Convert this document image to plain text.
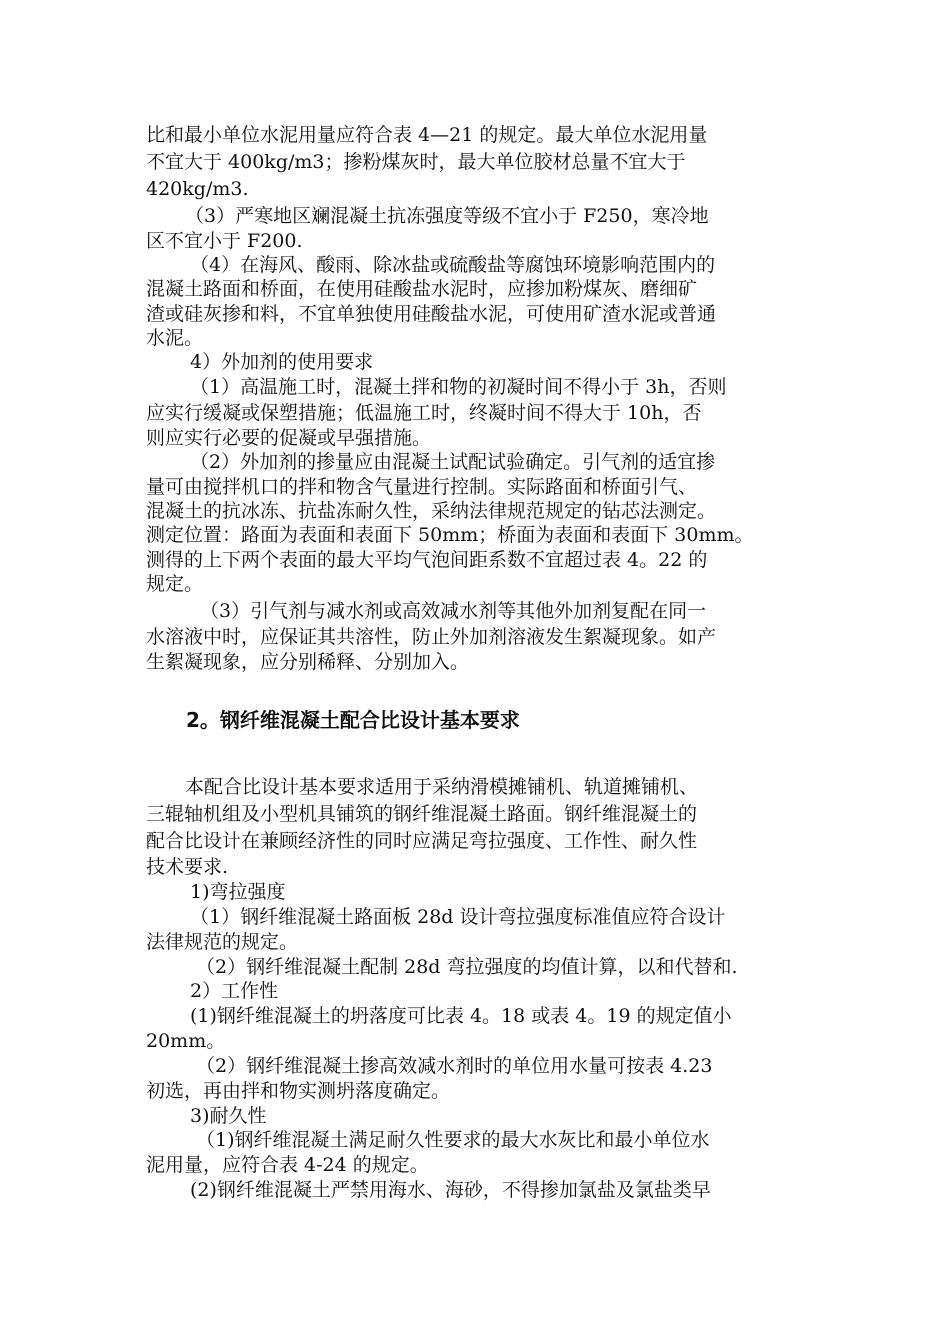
比和最小单位水泥用量应符合表 4—21 的规定。最大单位水泥用量
不宜大于 400kg/m3；掺粉煤灰时，最大单位胶材总量不宜大于
420kg/m3.
（3）严寒地区斓混凝土抗冻强度等级不宜小于 F250，寒冷地
区不宜小于 F200.
（4）在海风、酸雨、除冰盐或硫酸盐等腐蚀环境影响范围内的
混凝土路面和桥面，在使用硅酸盐水泥时，应掺加粉煤灰、磨细矿
渣或硅灰掺和料，不宜单独使用硅酸盐水泥，可使用矿渣水泥或普通
水泥。
4）外加剂的使用要求
（1）高温施工时，混凝土拌和物的初凝时间不得小于 3h，否则
应实行缓凝或保塑措施；低温施工时，终凝时间不得大于 10h，否
则应实行必要的促凝或早强措施。
（2）外加剂的掺量应由混凝土试配试验确定。引气剂的适宜掺
量可由搅拌机口的拌和物含气量进行控制。实际路面和桥面引气、
混凝土的抗冰冻、抗盐冻耐久性，采纳法律规范规定的钻芯法测定。
测定位置：路面为表面和表面下 50mm；桥面为表面和表面下 30mm。
测得的上下两个表面的最大平均气泡间距系数不宜超过表 4。22 的
规定。
（3）引气剂与减水剂或高效减水剂等其他外加剂复配在同一
水溶液中时，应保证其共溶性，防止外加剂溶液发生絮凝现象。如产
生絮凝现象，应分别稀释、分别加入。
2。钢纤维混凝土配合比设计基本要求
本配合比设计基本要求适用于采纳滑模摊铺机、轨道摊铺机、
三辊轴机组及小型机具铺筑的钢纤维混凝土路面。钢纤维混凝土的
配合比设计在兼顾经济性的同时应满足弯拉强度、工作性、耐久性
技术要求.
1)弯拉强度
（1）钢纤维混凝土路面板 28d 设计弯拉强度标准值应符合设计
法律规范的规定。
（2）钢纤维混凝土配制 28d 弯拉强度的均值计算，以和代替和.
2）工作性
(1)钢纤维混凝土的坍落度可比表 4。18 或表 4。19 的规定值小
20mm。
（2）钢纤维混凝土掺高效减水剂时的单位用水量可按表 4.23
初选，再由拌和物实测坍落度确定。
3)耐久性
（1)钢纤维混凝土满足耐久性要求的最大水灰比和最小单位水
泥用量，应符合表 4-24 的规定。
(2)钢纤维混凝土严禁用海水、海砂，不得掺加氯盐及氯盐类早
